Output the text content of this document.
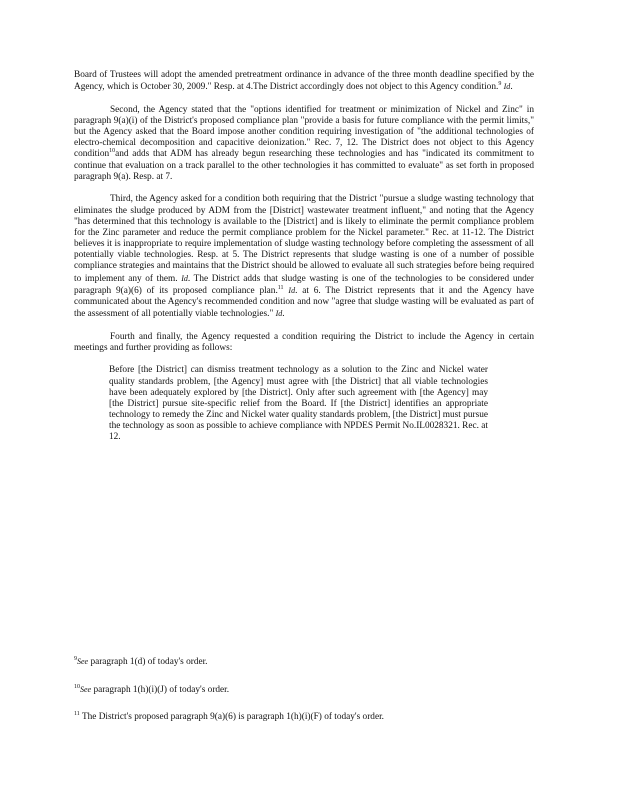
Board of Trustees will adopt the amended pretreatment ordinance in advance of the three month deadline specified by the Agency, which is October 30, 2009." Resp. at 4.The District accordingly does not object to this Agency condition.$^9$ Id.

Second, the Agency stated that the "options identified for treatment or minimization of Nickel and Zinc" in paragraph 9(a)(i) of the District's proposed compliance plan "provide a basis for future compliance with the permit limits," but the Agency asked that the Board impose another condition requiring investigation of "the additional technologies of electro-chemical decomposition and capacitive deionization." Rec. 7, 12. The District does not object to this Agency condition$^{10}$and adds that ADM has already begun researching these technologies and has "indicated its commitment to continue that evaluation on a track parallel to the other technologies it has committed to evaluate" as set forth in proposed paragraph 9(a). Resp. at 7.

Third, the Agency asked for a condition both requiring that the District "pursue a sludge wasting technology that eliminates the sludge produced by ADM from the [District] wastewater treatment influent," and noting that the Agency "has determined that this technology is available to the [District] and is likely to eliminate the permit compliance problem for the Zinc parameter and reduce the permit compliance problem for the Nickel parameter." Rec. at 11-12. The District believes it is inappropriate to require implementation of sludge wasting technology before completing the assessment of all potentially viable technologies. Resp. at 5. The District represents that sludge wasting is one of a number of possible compliance strategies and maintains that the District should be allowed to evaluate all such strategies before being required to implement any of them. Id. The District adds that sludge wasting is one of the technologies to be considered under paragraph 9(a)(6) of its proposed compliance plan.$^{11}$ Id. at 6. The District represents that it and the Agency have communicated about the Agency's recommended condition and now "agree that sludge wasting will be evaluated as part of the assessment of all potentially viable technologies." Id.

Fourth and finally, the Agency requested a condition requiring the District to include the Agency in certain meetings and further providing as follows:

Before [the District] can dismiss treatment technology as a solution to the Zinc and Nickel water quality standards problem, [the Agency] must agree with [the District] that all viable technologies have been adequately explored by [the District]. Only after such agreement with [the Agency] may [the District] pursue site-specific relief from the Board. If [the District] identifies an appropriate technology to remedy the Zinc and Nickel water quality standards problem, [the District] must pursue the technology as soon as possible to achieve compliance with NPDES Permit No.IL0028321. Rec. at 12.

$^9$See paragraph 1(d) of today's order.

$^{10}$See paragraph 1(h)(i)(J) of today's order.

$^{11}$ The District's proposed paragraph 9(a)(6) is paragraph 1(h)(i)(F) of today's order.
